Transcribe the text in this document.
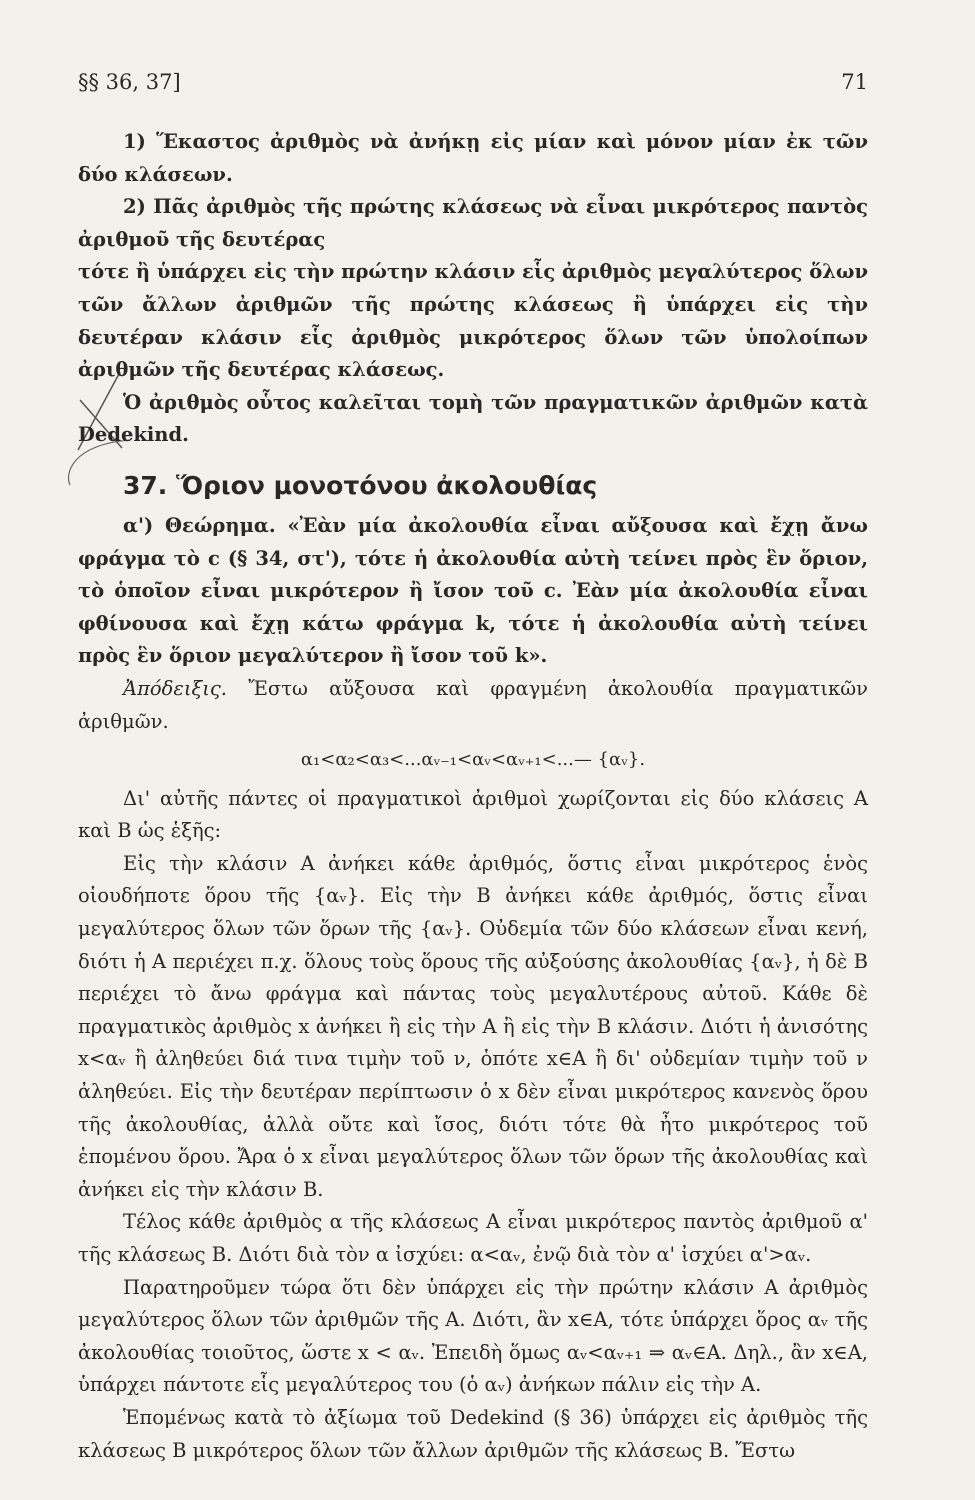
§§ 36, 37]	71

1) Ἕκαστος ἀριθμὸς νὰ ἀνήκῃ εἰς μίαν καὶ μόνον μίαν ἐκ τῶν δύο κλάσεων.

2) Πᾶς ἀριθμὸς τῆς πρώτης κλάσεως νὰ εἶναι μικρότερος παντὸς ἀριθμοῦ τῆς δευτέρας

τότε ἢ ὑπάρχει εἰς τὴν πρώτην κλάσιν εἷς ἀριθμὸς μεγαλύτερος ὅλων τῶν ἄλλων ἀριθμῶν τῆς πρώτης κλάσεως ἢ ὑπάρχει εἰς τὴν δευτέραν κλάσιν εἷς ἀριθμὸς μικρότερος ὅλων τῶν ὑπολοίπων ἀριθμῶν τῆς δευτέρας κλάσεως.

Ὁ ἀριθμὸς οὗτος καλεῖται τομὴ τῶν πραγματικῶν ἀριθμῶν κατὰ Dedekind.

37. Ὅριον μονοτόνου ἀκολουθίας

α') Θεώρημα. «Ἐὰν μία ἀκολουθία εἶναι αὔξουσα καὶ ἔχῃ ἄνω φράγμα τὸ c (§ 34, στ'), τότε ἡ ἀκολουθία αὐτὴ τείνει πρὸς ἓν ὅριον, τὸ ὁποῖον εἶναι μικρότερον ἢ ἴσον τοῦ c. Ἐὰν μία ἀκολουθία εἶναι φθίνουσα καὶ ἔχῃ κάτω φράγμα k, τότε ἡ ἀκολουθία αὐτὴ τείνει πρὸς ἓν ὅριον μεγαλύτερον ἢ ἴσον τοῦ k».

Ἀπόδειξις. Ἔστω αὔξουσα καὶ φραγμένη ἀκολουθία πραγματικῶν ἀριθμῶν.

α₁<α₂<α₃<...αᵥ₋₁<αᵥ<αᵥ₊₁<...— {αᵥ}.

Δι' αὐτῆς πάντες οἱ πραγματικοὶ ἀριθμοὶ χωρίζονται εἰς δύο κλάσεις Α καὶ Β ὡς ἑξῆς:

Εἰς τὴν κλάσιν Α ἀνήκει κάθε ἀριθμός, ὅστις εἶναι μικρότερος ἑνὸς οἱουδήποτε ὅρου τῆς {αᵥ}. Εἰς τὴν Β ἀνήκει κάθε ἀριθμός, ὅστις εἶναι μεγαλύτερος ὅλων τῶν ὅρων τῆς {αᵥ}. Οὐδεμία τῶν δύο κλάσεων εἶναι κενή, διότι ἡ Α περιέχει π.χ. ὅλους τοὺς ὅρους τῆς αὐξούσης ἀκολουθίας {αᵥ}, ἡ δὲ Β περιέχει τὸ ἄνω φράγμα καὶ πάντας τοὺς μεγαλυτέρους αὐτοῦ. Κάθε δὲ πραγματικὸς ἀριθμὸς x ἀνήκει ἢ εἰς τὴν Α ἢ εἰς τὴν Β κλάσιν. Διότι ἡ ἀνισότης x<αᵥ ἢ ἀληθεύει διά τινα τιμὴν τοῦ ν, ὁπότε x∈Α ἢ δι' οὐδεμίαν τιμὴν τοῦ ν ἀληθεύει. Εἰς τὴν δευτέραν περίπτωσιν ὁ x δὲν εἶναι μικρότερος κανενὸς ὅρου τῆς ἀκολουθίας, ἀλλὰ οὔτε καὶ ἴσος, διότι τότε θὰ ἦτο μικρότερος τοῦ ἑπομένου ὅρου. Ἄρα ὁ x εἶναι μεγαλύτερος ὅλων τῶν ὅρων τῆς ἀκολουθίας καὶ ἀνήκει εἰς τὴν κλάσιν Β.

Τέλος κάθε ἀριθμὸς α τῆς κλάσεως Α εἶναι μικρότερος παντὸς ἀριθμοῦ α' τῆς κλάσεως Β. Διότι διὰ τὸν α ἰσχύει: α<αᵥ, ἐνῷ διὰ τὸν α' ἰσχύει α'>αᵥ.

Παρατηροῦμεν τώρα ὅτι δὲν ὑπάρχει εἰς τὴν πρώτην κλάσιν Α ἀριθμὸς μεγαλύτερος ὅλων τῶν ἀριθμῶν τῆς Α. Διότι, ἂν x∈Α, τότε ὑπάρχει ὅρος αᵥ τῆς ἀκολουθίας τοιοῦτος, ὥστε x < αᵥ. Ἐπειδὴ ὅμως αᵥ<αᵥ₊₁ ⇒ αᵥ∈Α. Δηλ., ἂν x∈Α, ὑπάρχει πάντοτε εἷς μεγαλύτερος του (ὁ αᵥ) ἀνήκων πάλιν εἰς τὴν Α.

Ἑπομένως κατὰ τὸ ἀξίωμα τοῦ Dedekind (§ 36) ὑπάρχει εἰς ἀριθμὸς τῆς κλάσεως Β μικρότερος ὅλων τῶν ἄλλων ἀριθμῶν τῆς κλάσεως Β. Ἔστω
